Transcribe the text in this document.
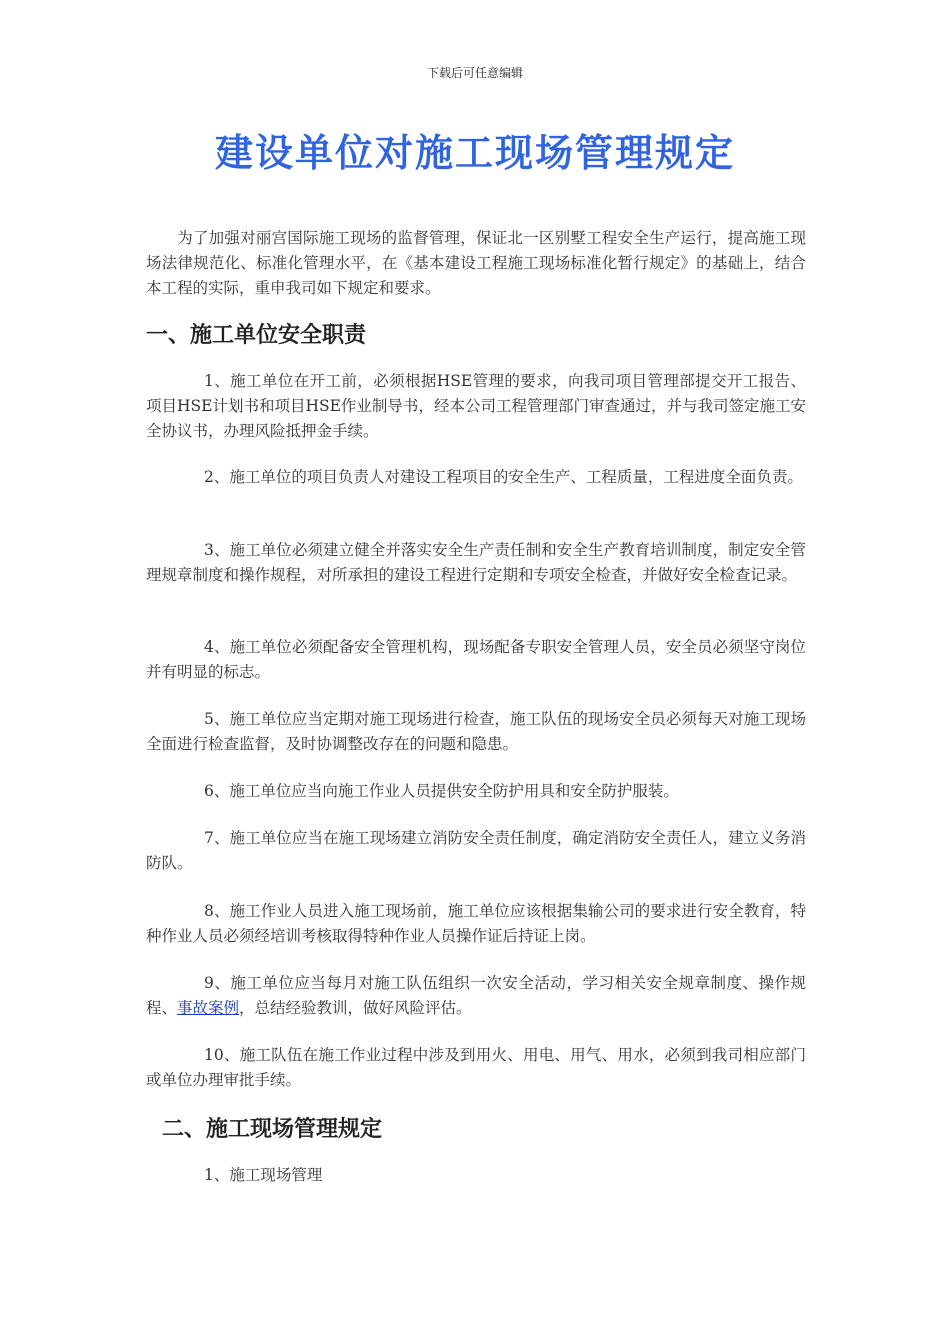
下载后可任意编辑
建设单位对施工现场管理规定

为了加强对丽宫国际施工现场的监督管理，保证北一区别墅工程安全生产运行，提高施工现场法律规范化、标准化管理水平，在《基本建设工程施工现场标准化暂行规定》的基础上，结合本工程的实际，重申我司如下规定和要求。

一、施工单位安全职责

1、施工单位在开工前，必须根据HSE管理的要求，向我司项目管理部提交开工报告、项目HSE计划书和项目HSE作业制导书，经本公司工程管理部门审查通过，并与我司签定施工安全协议书，办理风险抵押金手续。

2、施工单位的项目负责人对建设工程项目的安全生产、工程质量，工程进度全面负责。

3、施工单位必须建立健全并落实安全生产责任制和安全生产教育培训制度，制定安全管理规章制度和操作规程，对所承担的建设工程进行定期和专项安全检查，并做好安全检查记录。

4、施工单位必须配备安全管理机构，现场配备专职安全管理人员，安全员必须坚守岗位并有明显的标志。

5、施工单位应当定期对施工现场进行检查，施工队伍的现场安全员必须每天对施工现场全面进行检查监督，及时协调整改存在的问题和隐患。

6、施工单位应当向施工作业人员提供安全防护用具和安全防护服装。

7、施工单位应当在施工现场建立消防安全责任制度，确定消防安全责任人，建立义务消防队。

8、施工作业人员进入施工现场前，施工单位应该根据集输公司的要求进行安全教育，特种作业人员必须经培训考核取得特种作业人员操作证后持证上岗。

9、施工单位应当每月对施工队伍组织一次安全活动，学习相关安全规章制度、操作规程、事故案例，总结经验教训，做好风险评估。

10、施工队伍在施工作业过程中涉及到用火、用电、用气、用水，必须到我司相应部门或单位办理审批手续。

二、施工现场管理规定

1、施工现场管理
